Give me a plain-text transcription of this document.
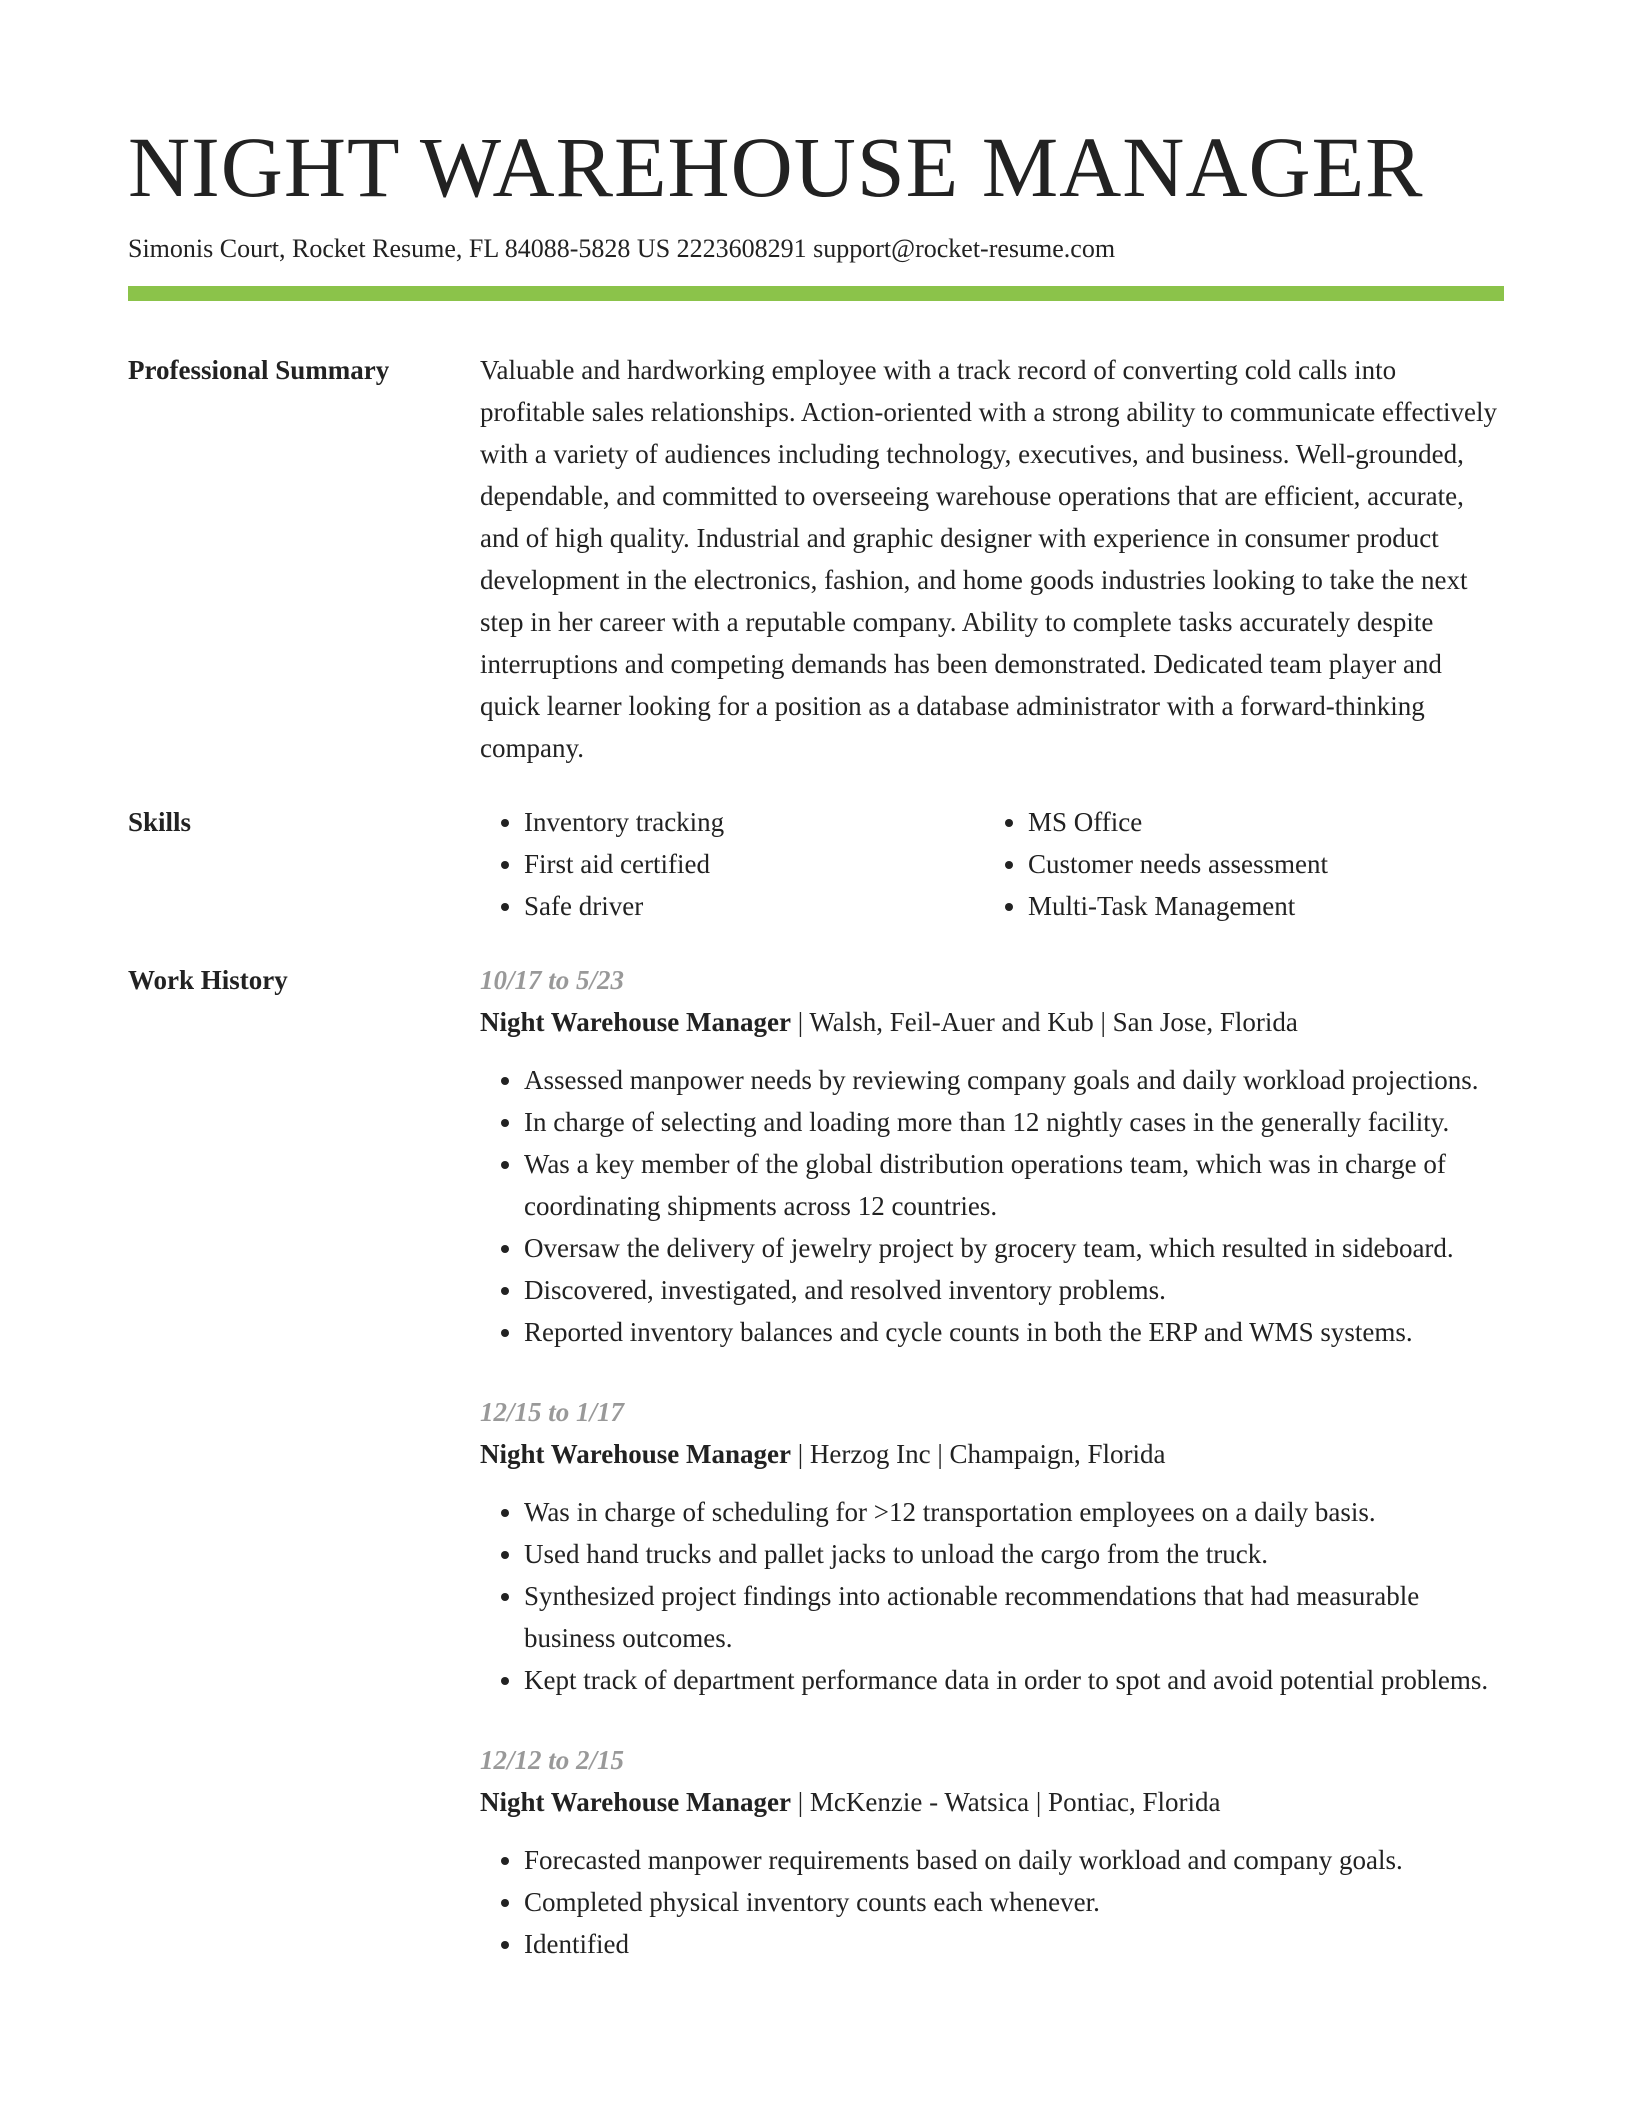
NIGHT WAREHOUSE MANAGER
Simonis Court, Rocket Resume, FL 84088-5828 US 2223608291 support@rocket-resume.com
Professional Summary	Valuable and hardworking employee with a track record of converting cold calls into profitable sales relationships. Action-oriented with a strong ability to communicate effectively with a variety of audiences including technology, executives, and business. Well-grounded, dependable, and committed to overseeing warehouse operations that are efficient, accurate, and of high quality. Industrial and graphic designer with experience in consumer product development in the electronics, fashion, and home goods industries looking to take the next step in her career with a reputable company. Ability to complete tasks accurately despite interruptions and competing demands has been demonstrated. Dedicated team player and quick learner looking for a position as a database administrator with a forward-thinking company.

Skills
•	Inventory tracking
• First aid certified
• Safe driver
• MS Office
• Customer needs assessment
• Multi-Task Management
Work History	10/17 to 5/23
Night Warehouse Manager | Walsh, Feil-Auer and Kub | San Jose, Florida
• Assessed manpower needs by reviewing company goals and daily workload projections.
• In charge of selecting and loading more than 12 nightly cases in the generally facility.
• Was a key member of the global distribution operations team, which was in charge of coordinating shipments across 12 countries.
• Oversaw the delivery of jewelry project by grocery team, which resulted in sideboard.
• Discovered, investigated, and resolved inventory problems.
• Reported inventory balances and cycle counts in both the ERP and WMS systems.
12/15 to 1/17
Night Warehouse Manager | Herzog Inc | Champaign, Florida
• Was in charge of scheduling for >12 transportation employees on a daily basis.
• Used hand trucks and pallet jacks to unload the cargo from the truck.
• Synthesized project findings into actionable recommendations that had measurable business outcomes.
• Kept track of department performance data in order to spot and avoid potential problems.
12/12 to 2/15
Night Warehouse Manager | McKenzie - Watsica | Pontiac, Florida
• Forecasted manpower requirements based on daily workload and company goals.
• Completed physical inventory counts each whenever.
• Identified
